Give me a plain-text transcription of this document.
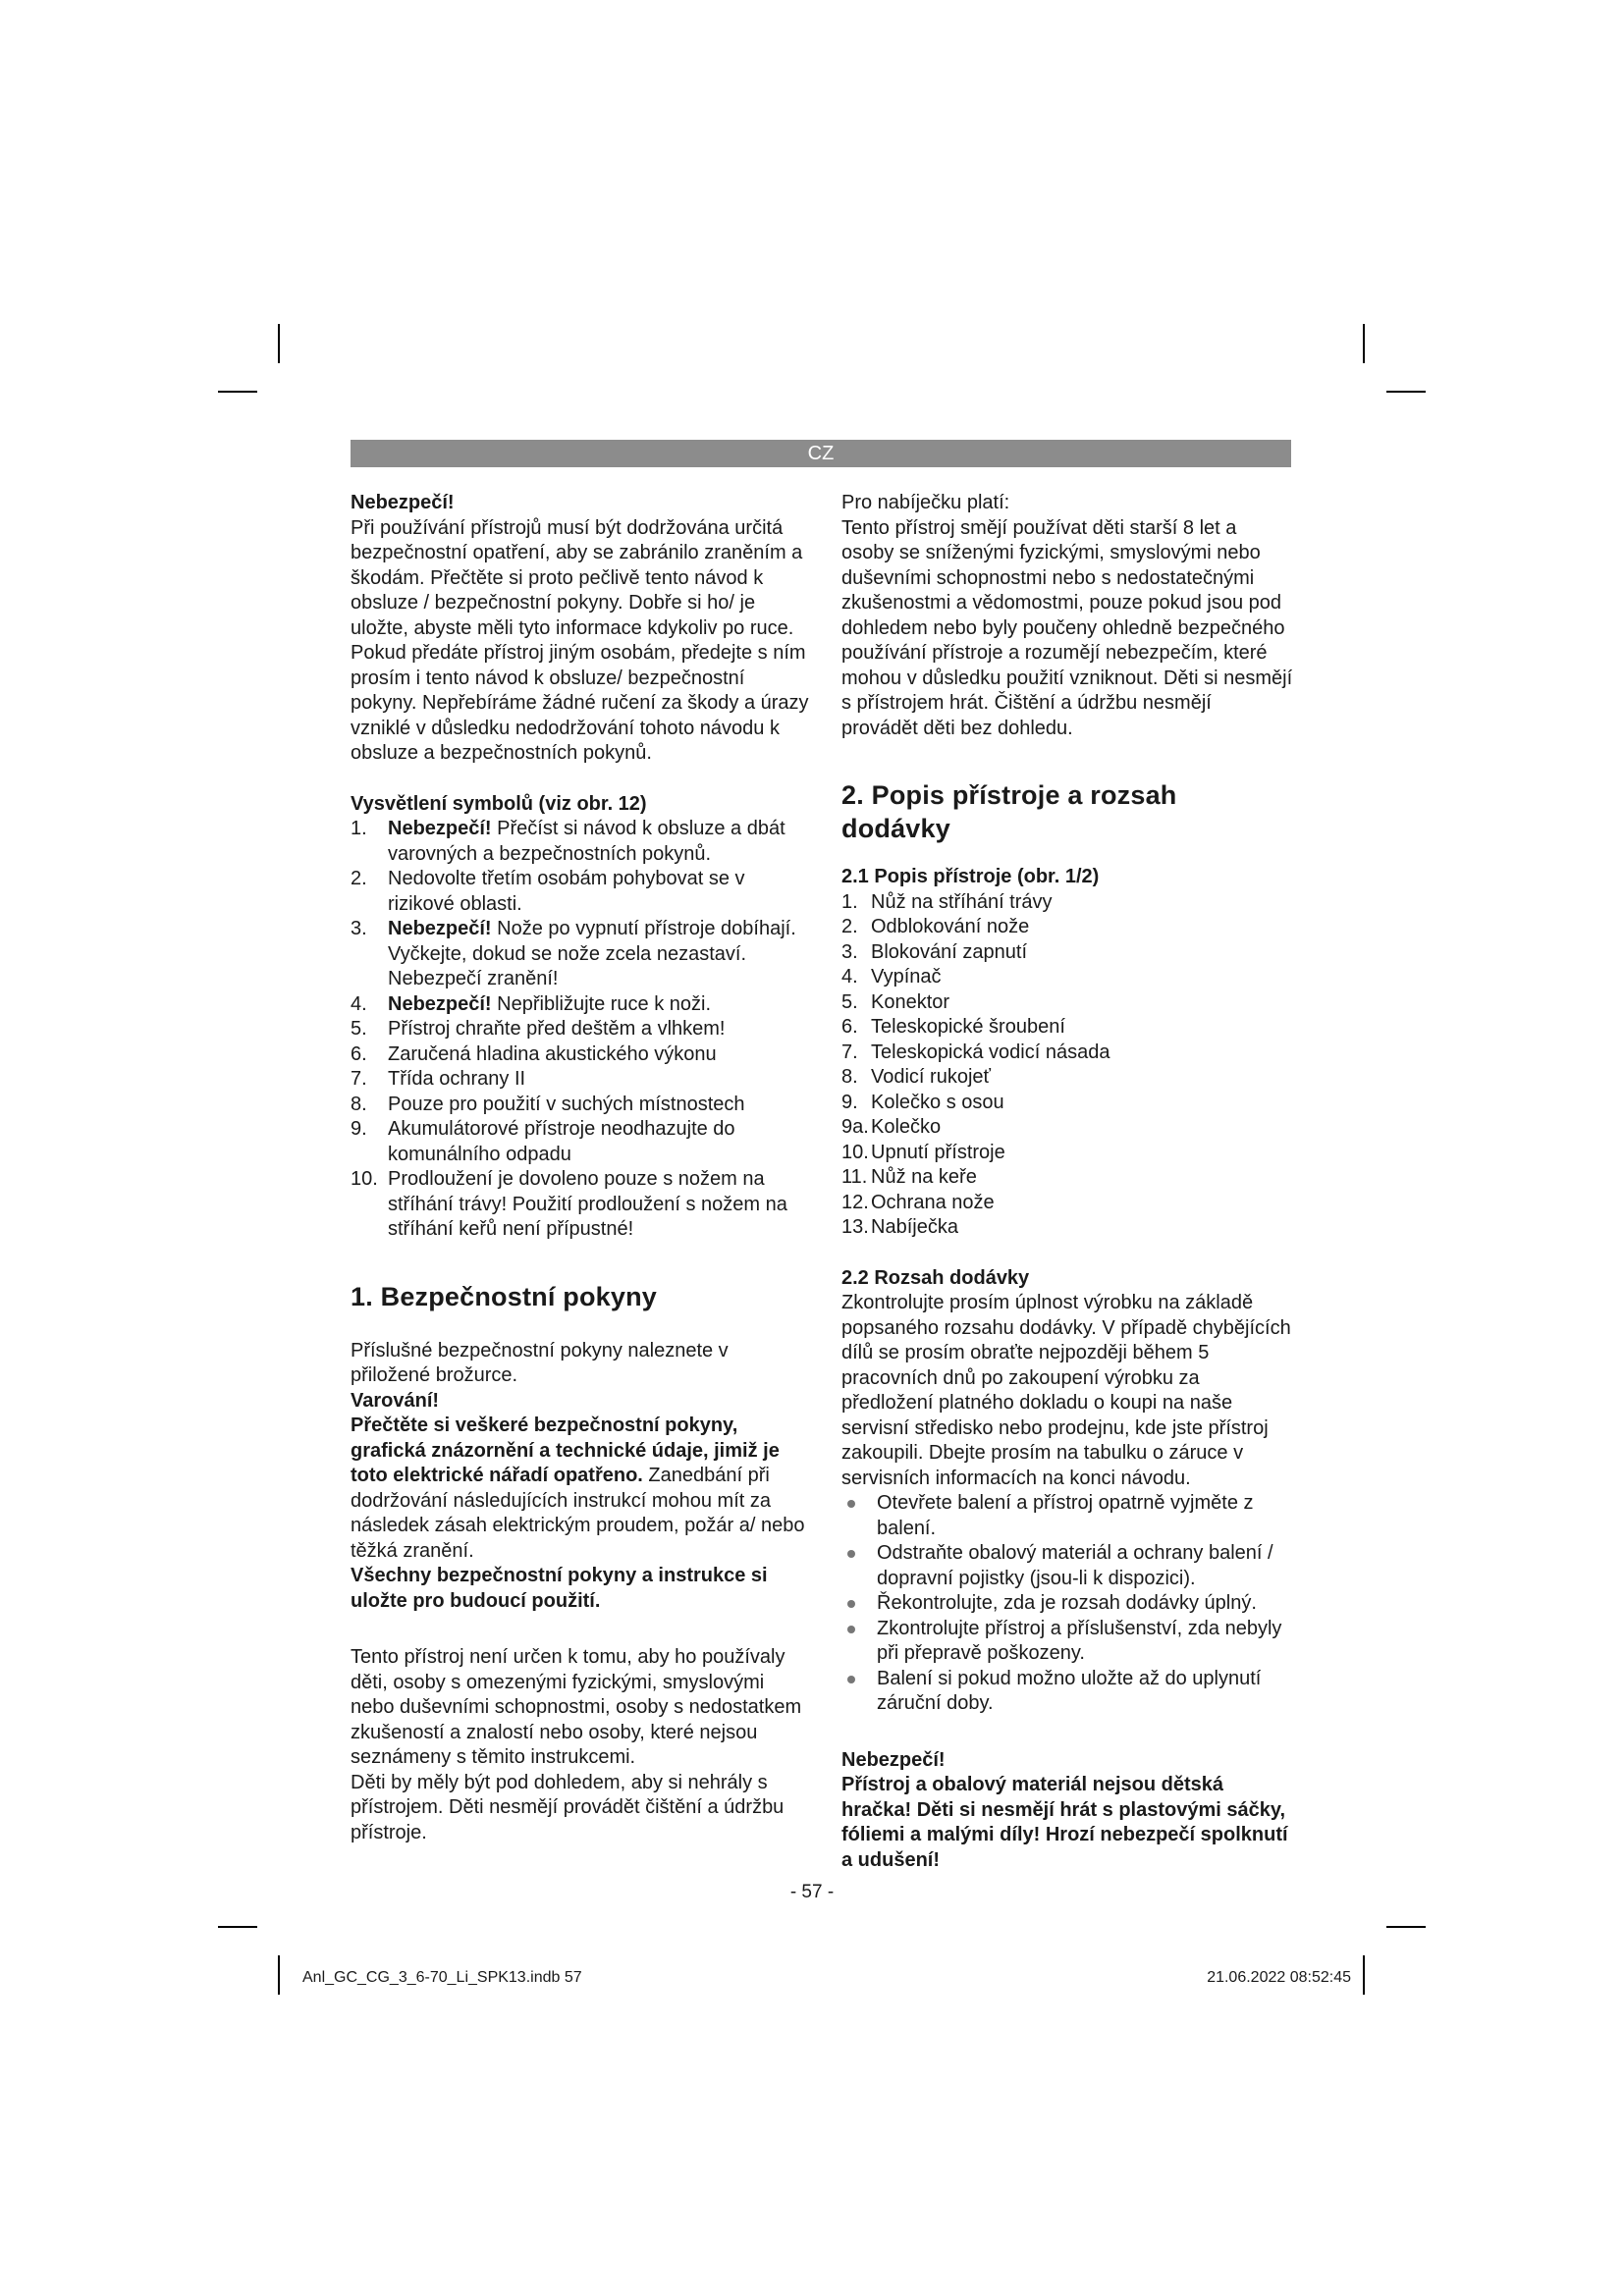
CZ

Nebezpečí!

Při používání přístrojů musí být dodržována určitá bezpečnostní opatření, aby se zabránilo zraněním a škodám. Přečtěte si proto pečlivě tento návod k obsluze / bezpečnostní pokyny. Dobře si ho/ je uložte, abyste měli tyto informace kdykoliv po ruce. Pokud předáte přístroj jiným osobám, předejte s ním prosím i tento návod k obsluze/ bezpečnostní pokyny. Nepřebíráme žádné ručení za škody a úrazy vzniklé v důsledku nedodržování tohoto návodu k obsluze a bezpečnostních pokynů.

Vysvětlení symbolů (viz obr. 12)

1. Nebezpečí! Přečíst si návod k obsluze a dbát varovných a bezpečnostních pokynů.
2. Nedovolte třetím osobám pohybovat se v rizikové oblasti.
3. Nebezpečí! Nože po vypnutí přístroje dobíhají. Vyčkejte, dokud se nože zcela nezastaví. Nebezpečí zranění!
4. Nebezpečí! Nepřibližujte ruce k noži.
5. Přístroj chraňte před deštěm a vlhkem!
6. Zaručená hladina akustického výkonu
7. Třída ochrany II
8. Pouze pro použití v suchých místnostech
9. Akumulátorové přístroje neodhazujte do komunálního odpadu
10. Prodloužení je dovoleno pouze s nožem na stříhání trávy! Použití prodloužení s nožem na stříhání keřů není přípustné!

1. Bezpečnostní pokyny

Příslušné bezpečnostní pokyny naleznete v přiložené brožurce.

Varování!

Přečtěte si veškeré bezpečnostní pokyny, grafická znázornění a technické údaje, jimiž je toto elektrické nářadí opatřeno. Zanedbání při dodržování následujících instrukcí mohou mít za následek zásah elektrickým proudem, požár a/ nebo těžká zranění.

Všechny bezpečnostní pokyny a instrukce si uložte pro budoucí použití.

Tento přístroj není určen k tomu, aby ho používaly děti, osoby s omezenými fyzickými, smyslovými nebo duševními schopnostmi, osoby s nedostatkem zkušeností a znalostí nebo osoby, které nejsou seznámeny s těmito instrukcemi.

Děti by měly být pod dohledem, aby si nehrály s přístrojem. Děti nesmějí provádět čištění a údržbu přístroje.

Pro nabíječku platí:

Tento přístroj smějí používat děti starší 8 let a osoby se sníženými fyzickými, smyslovými nebo duševními schopnostmi nebo s nedostatečnými zkušenostmi a vědomostmi, pouze pokud jsou pod dohledem nebo byly poučeny ohledně bezpečného používání přístroje a rozumějí nebezpečím, které mohou v důsledku použití vzniknout. Děti si nesmějí s přístrojem hrát. Čištění a údržbu nesmějí provádět děti bez dohledu.

2. Popis přístroje a rozsah dodávky

2.1 Popis přístroje (obr. 1/2)

1. Nůž na stříhání trávy
2. Odblokování nože
3. Blokování zapnutí
4. Vypínač
5. Konektor
6. Teleskopické šroubení
7. Teleskopická vodicí násada
8. Vodicí rukojeť
9. Kolečko s osou
9a. Kolečko
10. Upnutí přístroje
11. Nůž na keře
12. Ochrana nože
13. Nabíječka

2.2 Rozsah dodávky

Zkontrolujte prosím úplnost výrobku na základě popsaného rozsahu dodávky. V případě chybějících dílů se prosím obraťte nejpozději během 5 pracovních dnů po zakoupení výrobku za předložení platného dokladu o koupi na naše servisní středisko nebo prodejnu, kde jste přístroj zakoupili. Dbejte prosím na tabulku o záruce v servisních informacích na konci návodu.

Otevřete balení a přístroj opatrně vyjměte z balení.
Odstraňte obalový materiál a ochrany balení / dopravní pojistky (jsou-li k dispozici).
Řekontrolujte, zda je rozsah dodávky úplný.
Zkontrolujte přístroj a příslušenství, zda nebyly při přepravě poškozeny.
Balení si pokud možno uložte až do uplynutí záruční doby.

Nebezpečí!

Přístroj a obalový materiál nejsou dětská hračka! Děti si nesmějí hrát s plastovými sáčky, fóliemi a malými díly! Hrozí nebezpečí spolknutí a udušení!

- 57 -
Anl_GC_CG_3_6-70_Li_SPK13.indb 57	21.06.2022 08:52:45
